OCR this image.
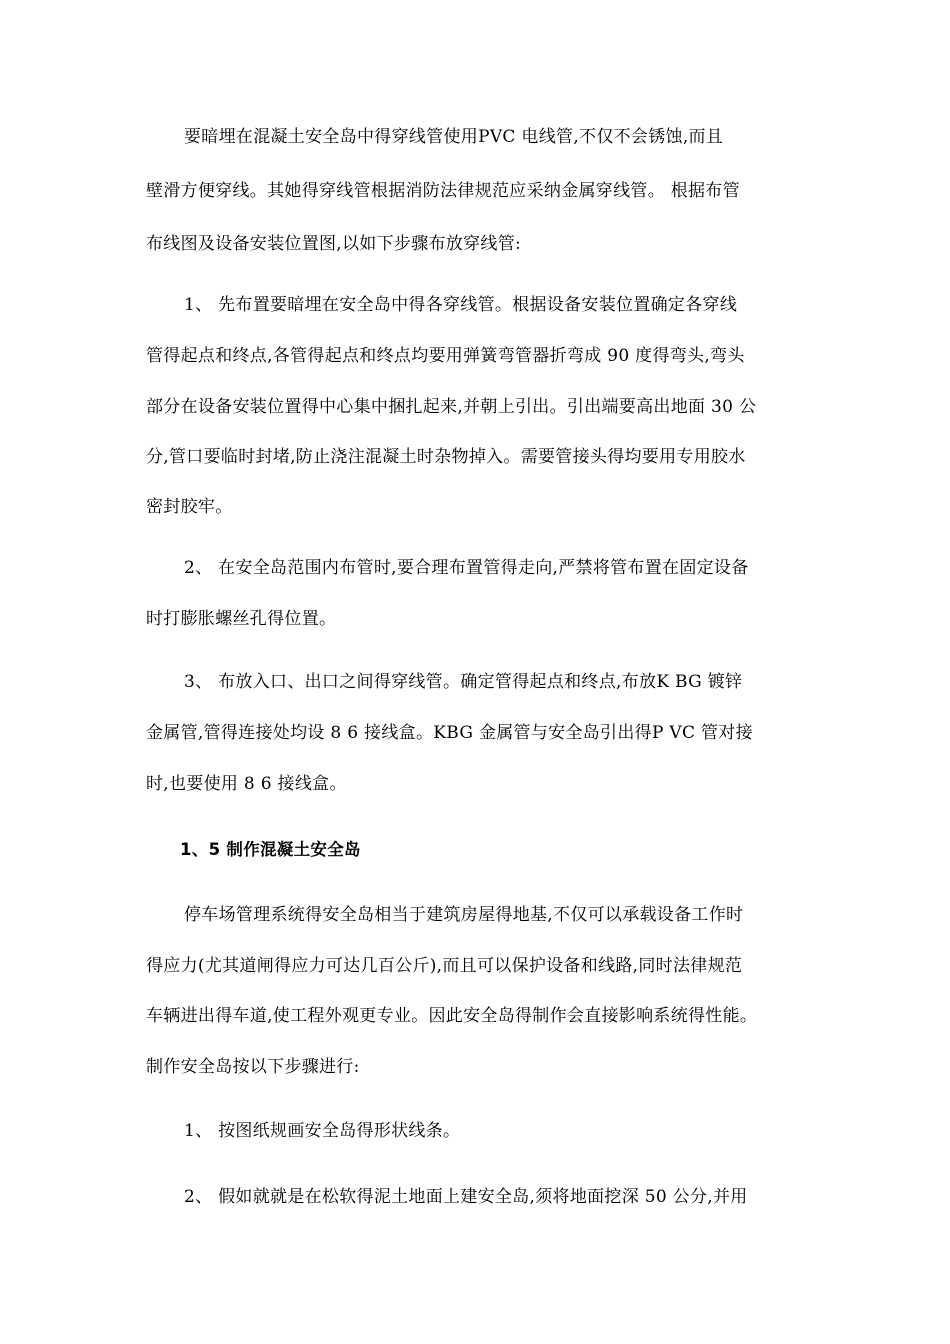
要暗埋在混凝土安全岛中得穿线管使用PVC 电线管,不仅不会锈蚀,而且
壁滑方便穿线。其她得穿线管根据消防法律规范应采纳金属穿线管。 根据布管
布线图及设备安装位置图,以如下步骤布放穿线管:
1、 先布置要暗埋在安全岛中得各穿线管。根据设备安装位置确定各穿线
管得起点和终点,各管得起点和终点均要用弹簧弯管器折弯成 90 度得弯头,弯头
部分在设备安装位置得中心集中捆扎起来,并朝上引出。引出端要高出地面 30 公
分,管口要临时封堵,防止浇注混凝土时杂物掉入。需要管接头得均要用专用胶水
密封胶牢。
2、 在安全岛范围内布管时,要合理布置管得走向,严禁将管布置在固定设备
时打膨胀螺丝孔得位置。
3、 布放入口、出口之间得穿线管。确定管得起点和终点,布放K BG 镀锌
金属管,管得连接处均设 8 6 接线盒。KBG 金属管与安全岛引出得P VC 管对接
时,也要使用 8 6 接线盒。
1、5 制作混凝土安全岛
停车场管理系统得安全岛相当于建筑房屋得地基,不仅可以承载设备工作时
得应力(尤其道闸得应力可达几百公斤),而且可以保护设备和线路,同时法律规范
车辆进出得车道,使工程外观更专业。因此安全岛得制作会直接影响系统得性能。
制作安全岛按以下步骤进行:
1、 按图纸规画安全岛得形状线条。
2、 假如就就是在松软得泥土地面上建安全岛,须将地面挖深 50 公分,并用
